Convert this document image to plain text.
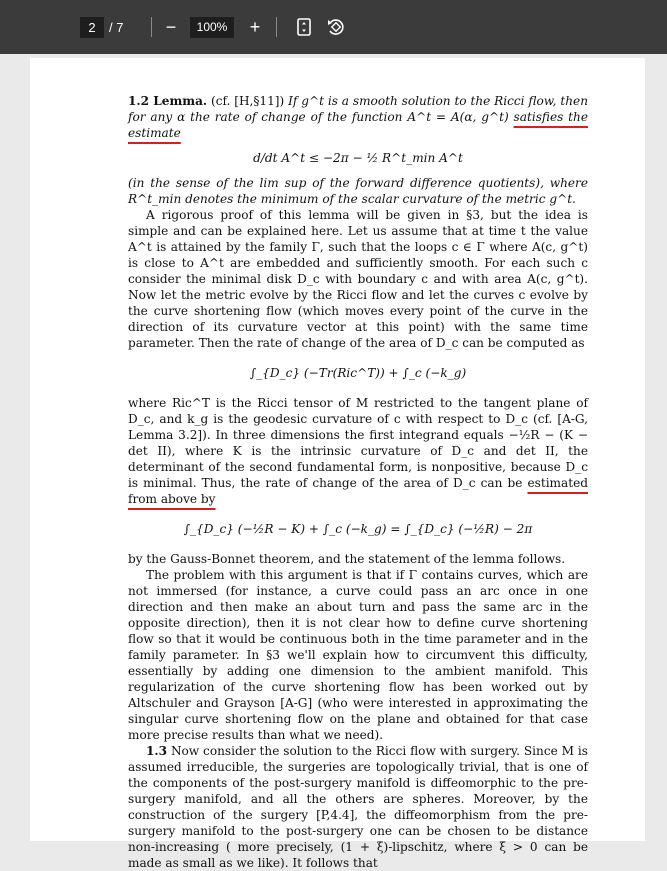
2	/ 7 −	100%	+

1.2 Lemma. (cf. [H,§11]) If g^t is a smooth solution to the Ricci flow, then for any α the rate of change of the function A^t = A(α, g^t) satisfies the estimate

d/dt A^t ≤ −2π − ½ R^t_min A^t

(in the sense of the lim sup of the forward difference quotients), where R^t_min denotes the minimum of the scalar curvature of the metric g^t.

A rigorous proof of this lemma will be given in §3, but the idea is simple and can be explained here. Let us assume that at time t the value A^t is attained by the family Γ, such that the loops c ∈ Γ where A(c, g^t) is close to A^t are embedded and sufficiently smooth. For each such c consider the minimal disk D_c with boundary c and with area A(c, g^t). Now let the metric evolve by the Ricci flow and let the curves c evolve by the curve shortening flow (which moves every point of the curve in the direction of its curvature vector at this point) with the same time parameter. Then the rate of change of the area of D_c can be computed as

∫_{D_c} (−Tr(Ric^T)) + ∫_c (−k_g)

where Ric^T is the Ricci tensor of M restricted to the tangent plane of D_c, and k_g is the geodesic curvature of c with respect to D_c (cf. [A-G, Lemma 3.2]). In three dimensions the first integrand equals −½R − (K − det II), where K is the intrinsic curvature of D_c and det II, the determinant of the second fundamental form, is nonpositive, because D_c is minimal. Thus, the rate of change of the area of D_c can be estimated from above by

∫_{D_c} (−½R − K) + ∫_c (−k_g) = ∫_{D_c} (−½R) − 2π

by the Gauss-Bonnet theorem, and the statement of the lemma follows.

The problem with this argument is that if Γ contains curves, which are not immersed (for instance, a curve could pass an arc once in one direction and then make an about turn and pass the same arc in the opposite direction), then it is not clear how to define curve shortening flow so that it would be continuous both in the time parameter and in the family parameter. In §3 we'll explain how to circumvent this difficulty, essentially by adding one dimension to the ambient manifold. This regularization of the curve shortening flow has been worked out by Altschuler and Grayson [A-G] (who were interested in approximating the singular curve shortening flow on the plane and obtained for that case more precise results than what we need).

1.3 Now consider the solution to the Ricci flow with surgery. Since M is assumed irreducible, the surgeries are topologically trivial, that is one of the components of the post-surgery manifold is diffeomorphic to the pre-surgery manifold, and all the others are spheres. Moreover, by the construction of the surgery [P,4.4], the diffeomorphism from the pre-surgery manifold to the post-surgery one can be chosen to be distance non-increasing ( more precisely, (1 + ξ)-lipschitz, where ξ > 0 can be made as small as we like). It follows that
